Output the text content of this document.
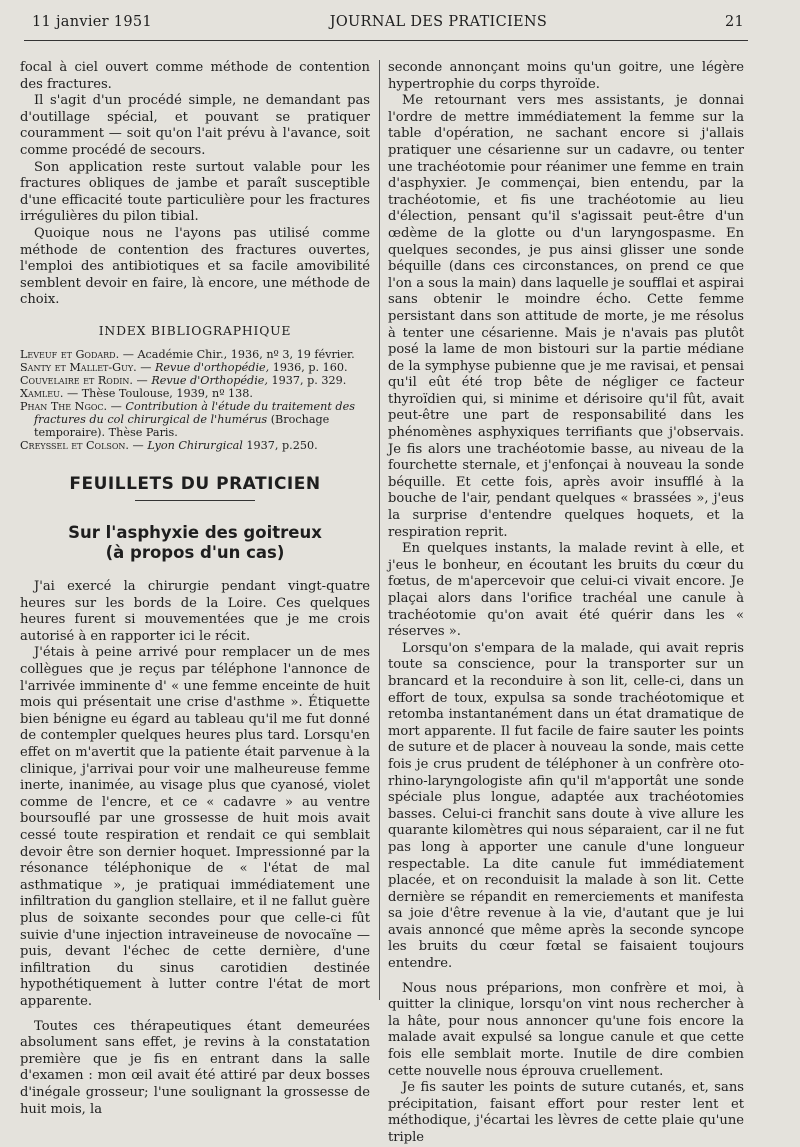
11 janvier 1951	JOURNAL DES PRATICIENS	21

focal à ciel ouvert comme méthode de contention des fractures.

Il s'agit d'un procédé simple, ne demandant pas d'outillage spécial, et pouvant se pratiquer couramment — soit qu'on l'ait prévu à l'avance, soit comme procédé de secours.

Son application reste surtout valable pour les fractures obliques de jambe et paraît susceptible d'une efficacité toute particulière pour les fractures irrégulières du pilon tibial.

Quoique nous ne l'ayons pas utilisé comme méthode de contention des fractures ouvertes, l'emploi des antibiotiques et sa facile amovibilité semblent devoir en faire, là encore, une méthode de choix.

INDEX BIBLIOGRAPHIQUE
Leveuf et Godard. — Académie Chir., 1936, nº 3, 19 février.
Santy et Mallet-Guy. — Revue d'orthopédie, 1936, p. 160.
Couvelaire et Rodin. — Revue d'Orthopédie, 1937, p. 329.
Xamleu. — Thèse Toulouse, 1939, nº 138.
Phan The Ngoc. — Contribution à l'étude du traitement des fractures du col chirurgical de l'humérus (Brochage temporaire). Thèse Paris.
Creyssel et Colson. — Lyon Chirurgical 1937, p.250.
FEUILLETS DU PRATICIEN
Sur l'asphyxie des goitreux
(à propos d'un cas)

J'ai exercé la chirurgie pendant vingt-quatre heures sur les bords de la Loire. Ces quelques heures furent si mouvementées que je me crois autorisé à en rapporter ici le récit.

J'étais à peine arrivé pour remplacer un de mes collègues que je reçus par téléphone l'annonce de l'arrivée imminente d' « une femme enceinte de huit mois qui présentait une crise d'asthme ». Étiquette bien bénigne eu égard au tableau qu'il me fut donné de contempler quelques heures plus tard. Lorsqu'en effet on m'avertit que la patiente était parvenue à la clinique, j'arrivai pour voir une malheureuse femme inerte, inanimée, au visage plus que cyanosé, violet comme de l'encre, et ce « cadavre » au ventre boursouflé par une grossesse de huit mois avait cessé toute respiration et rendait ce qui semblait devoir être son dernier hoquet. Impressionné par la résonance téléphonique de « l'état de mal asthmatique », je pratiquai immédiatement une infiltration du ganglion stellaire, et il ne fallut guère plus de soixante secondes pour que celle-ci fût suivie d'une injection intraveineuse de novocaïne — puis, devant l'échec de cette dernière, d'une infiltration du sinus carotidien destinée hypothétiquement à lutter contre l'état de mort apparente.

Toutes ces thérapeutiques étant demeurées absolument sans effet, je revins à la constatation première que je fis en entrant dans la salle d'examen : mon œil avait été attiré par deux bosses d'inégale grosseur; l'une soulignant la grossesse de huit mois, la

seconde annonçant moins qu'un goitre, une légère hypertrophie du corps thyroïde.

Me retournant vers mes assistants, je donnai l'ordre de mettre immédiatement la femme sur la table d'opération, ne sachant encore si j'allais pratiquer une césarienne sur un cadavre, ou tenter une trachéotomie pour réanimer une femme en train d'asphyxier. Je commençai, bien entendu, par la trachéotomie, et fis une trachéotomie au lieu d'élection, pensant qu'il s'agissait peut-être d'un œdème de la glotte ou d'un laryngospasme. En quelques secondes, je pus ainsi glisser une sonde béquille (dans ces circonstances, on prend ce que l'on a sous la main) dans laquelle je soufflai et aspirai sans obtenir le moindre écho. Cette femme persistant dans son attitude de morte, je me résolus à tenter une césarienne. Mais je n'avais pas plutôt posé la lame de mon bistouri sur la partie médiane de la symphyse pubienne que je me ravisai, et pensai qu'il eût été trop bête de négliger ce facteur thyroïdien qui, si minime et dérisoire qu'il fût, avait peut-être une part de responsabilité dans les phénomènes asphyxiques terrifiants que j'observais. Je fis alors une trachéotomie basse, au niveau de la fourchette sternale, et j'enfonçai à nouveau la sonde béquille. Et cette fois, après avoir insufflé à la bouche de l'air, pendant quelques « brassées », j'eus la surprise d'entendre quelques hoquets, et la respiration reprit.

En quelques instants, la malade revint à elle, et j'eus le bonheur, en écoutant les bruits du cœur du fœtus, de m'apercevoir que celui-ci vivait encore. Je plaçai alors dans l'orifice trachéal une canule à trachéotomie qu'on avait été quérir dans les « réserves ».

Lorsqu'on s'empara de la malade, qui avait repris toute sa conscience, pour la transporter sur un brancard et la reconduire à son lit, celle-ci, dans un effort de toux, expulsa sa sonde trachéotomique et retomba instantanément dans un état dramatique de mort apparente. Il fut facile de faire sauter les points de suture et de placer à nouveau la sonde, mais cette fois je crus prudent de téléphoner à un confrère oto-rhino-laryngologiste afin qu'il m'apportât une sonde spéciale plus longue, adaptée aux trachéotomies basses. Celui-ci franchit sans doute à vive allure les quarante kilomètres qui nous séparaient, car il ne fut pas long à apporter une canule d'une longueur respectable. La dite canule fut immédiatement placée, et on reconduisit la malade à son lit. Cette dernière se répandit en remerciements et manifesta sa joie d'être revenue à la vie, d'autant que je lui avais annoncé que même après la seconde syncope les bruits du cœur fœtal se faisaient toujours entendre.

Nous nous préparions, mon confrère et moi, à quitter la clinique, lorsqu'on vint nous rechercher à la hâte, pour nous annoncer qu'une fois encore la malade avait expulsé sa longue canule et que cette fois elle semblait morte. Inutile de dire combien cette nouvelle nous éprouva cruellement.

Je fis sauter les points de suture cutanés, et, sans précipitation, faisant effort pour rester lent et méthodique, j'écartai les lèvres de cette plaie qu'une triple
